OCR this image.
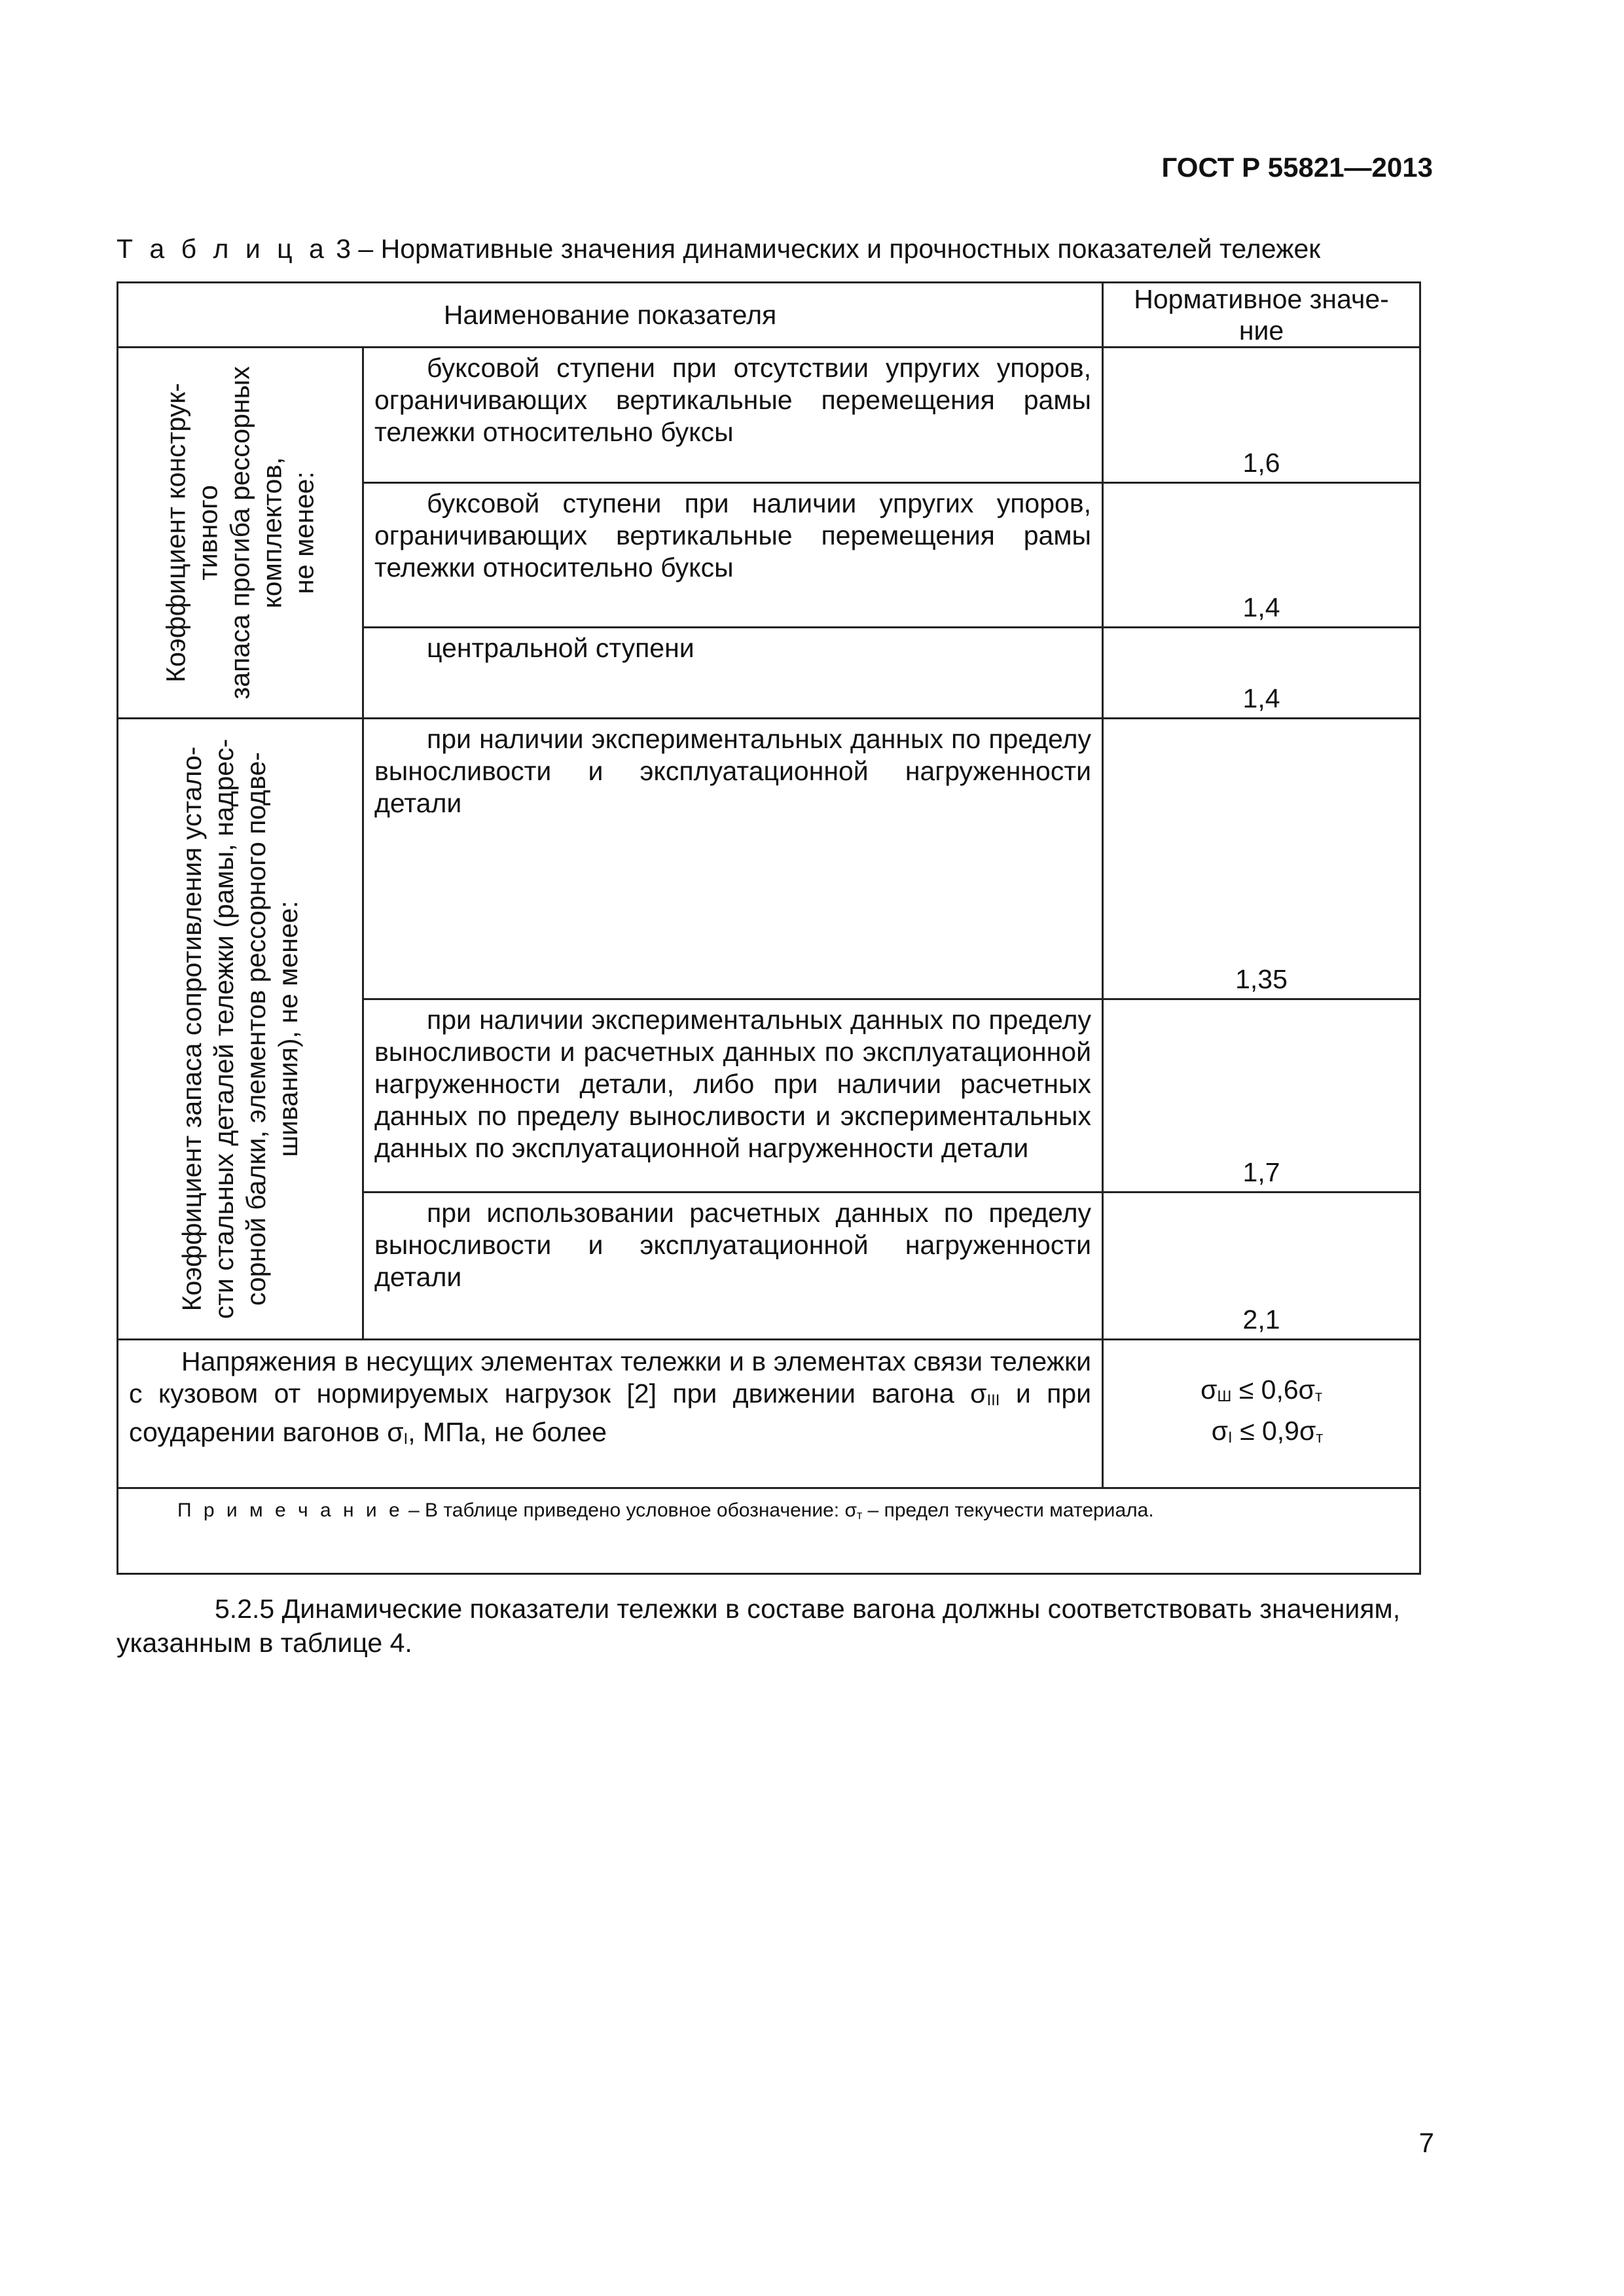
ГОСТ Р 55821—2013
Т а б л и ц а 3 – Нормативные значения динамических и прочностных показателей тележек
Наименование показателя		Нормативное значе-
ние

Коэффициент конструк-
тивного
запаса прогиба рессорных
комплектов,
не менее:	буксовой ступени при отсутствии упругих упоров, ограничивающих вертикальные перемещения рамы тележки относительно буксы	1,6
	буксовой ступени при наличии упругих упоров, ограничивающих вертикальные перемещения рамы тележки относительно буксы	1,4
	центральной ступени	1,4

Коэффициент запаса сопротивления устало-
сти стальных деталей тележки (рамы, надрес-
сорной балки, элементов рессорного подве-
шивания), не менее:	при наличии экспериментальных данных по пределу выносливости и эксплуатационной нагруженности детали	1,35
	при наличии экспериментальных данных по пределу выносливости и расчетных данных по эксплуатационной нагруженности детали, либо при наличии расчетных данных по пределу выносливости и экспериментальных данных по эксплуатационной нагруженности детали	1,7
	при использовании расчетных данных по пределу выносливости и эксплуатационной нагруженности детали	2,1
Напряжения в несущих элементах тележки и в элементах связи тележки с кузовом от нормируемых нагрузок [2] при движении вагона $\sigma_{III}$ и при соударении вагонов $\sigma_I$, МПа, не более		$\sigma_Ш \le 0,6\sigma_т$
$\sigma_I \le 0,9\sigma_т$

П р и м е ч а н и е – В таблице приведено условное обозначение: $\sigma_т$ – предел текучести материала.		
5.2.5 Динамические показатели тележки в составе вагона должны соответствовать значениям, указанным в таблице 4.
7
